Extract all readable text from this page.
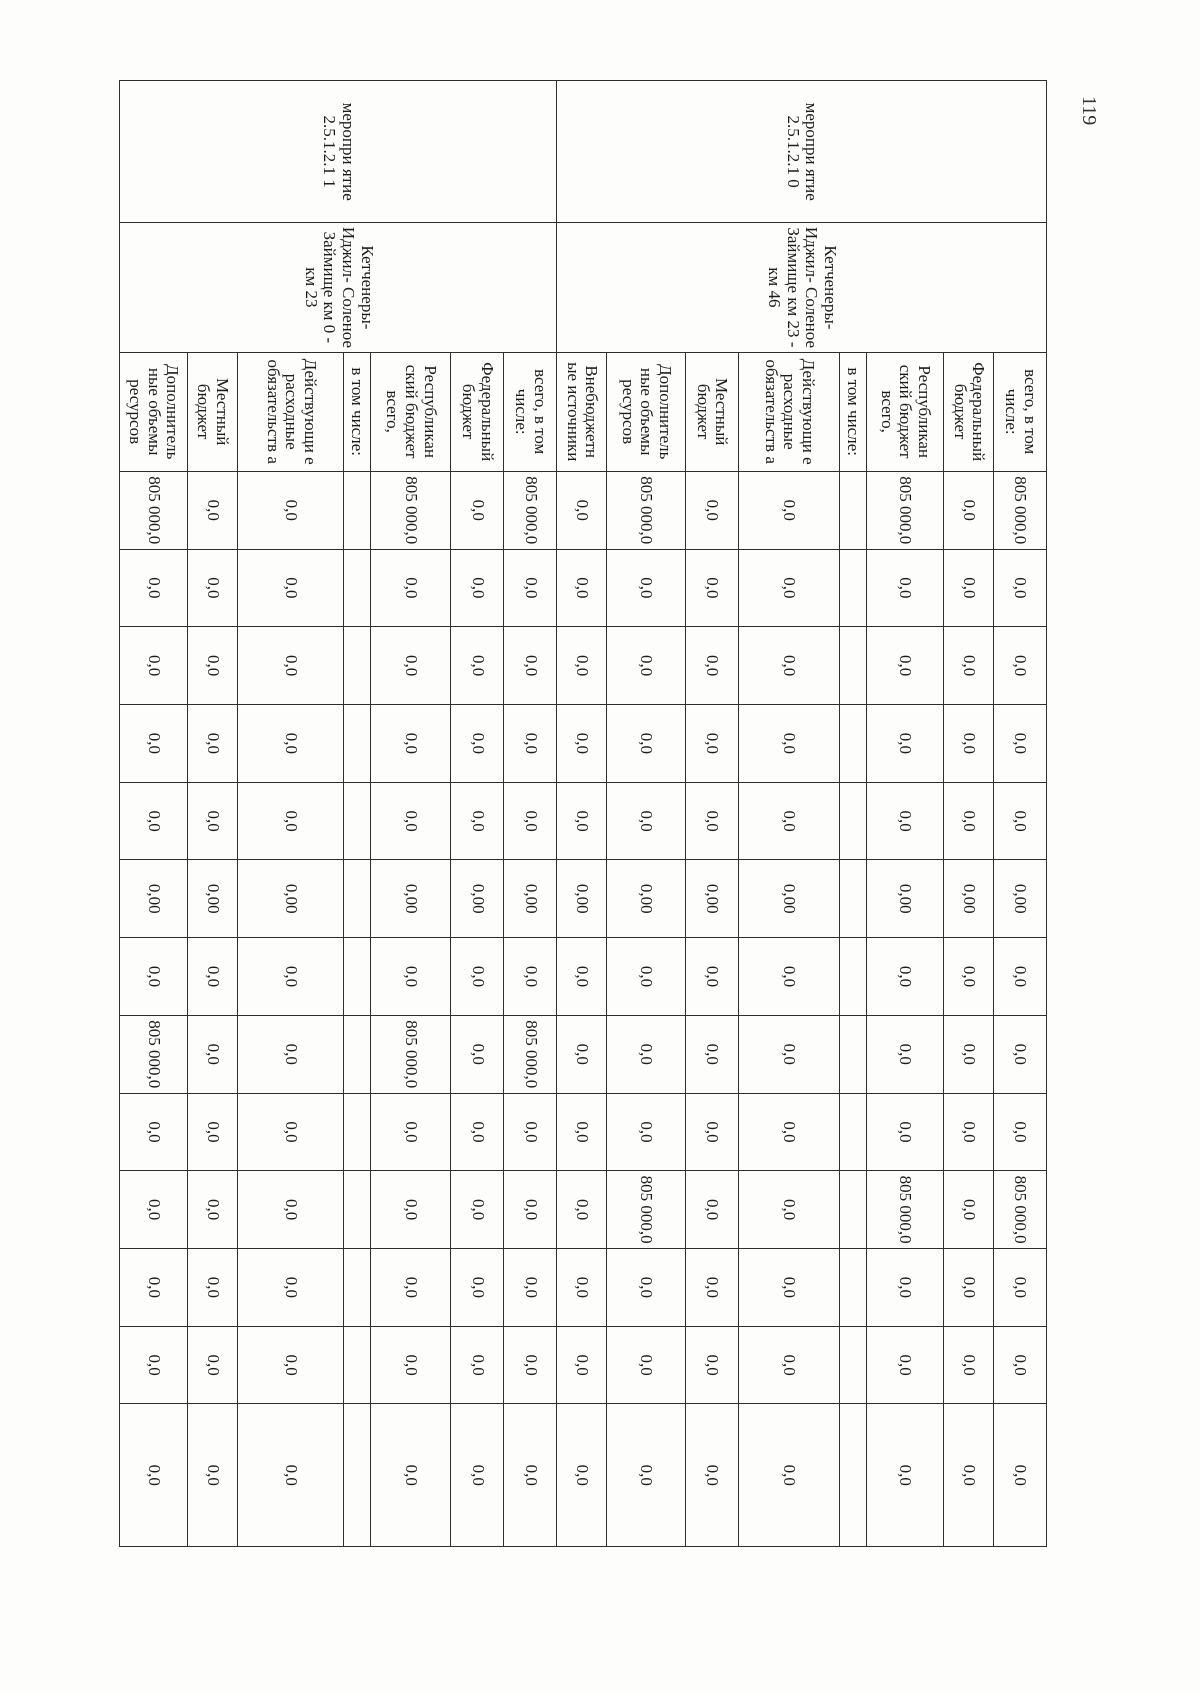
меропри ятие 2.5.1.2.1 0	Кетченеры- Иджил- Соленое Займище км 23 - км 46	всего, в том числе:	805 000,0	0,0	0,0	0,0	0,0	0,00	0,0	0,0	0,0	805 000,0	0,0	0,0	0,0
		Федеральный бюджет	0,0	0,0	0,0	0,0	0,0	0,00	0,0	0,0	0,0	0,0	0,0	0,0	0,0
		Республикан ский бюджет всего,	805 000,0	0,0	0,0	0,0	0,0	0,00	0,0	0,0	0,0	805 000,0	0,0	0,0	0,0
		в том числе:													
		Действующи е расходные обязательств а	0,0	0,0	0,0	0,0	0,0	0,00	0,0	0,0	0,0	0,0	0,0	0,0	0,0
		Местный бюджет	0,0	0,0	0,0	0,0	0,0	0,00	0,0	0,0	0,0	0,0	0,0	0,0	0,0
		Дополнитель ные объемы ресурсов	805 000,0	0,0	0,0	0,0	0,0	0,00	0,0	0,0	0,0	805 000,0	0,0	0,0	0,0
		Внебюджетн ые источники	0,0	0,0	0,0	0,0	0,0	0,00	0,0	0,0	0,0	0,0	0,0	0,0	0,0
меропри ятие 2.5.1.2.1 1	Кетченеры- Иджил- Соленое Займище км 0 - км 23	всего, в том числе:	805 000,0	0,0	0,0	0,0	0,0	0,00	0,0	805 000,0	0,0	0,0	0,0	0,0	0,0
		Федеральный бюджет	0,0	0,0	0,0	0,0	0,0	0,00	0,0	0,0	0,0	0,0	0,0	0,0	0,0
		Республикан ский бюджет всего,	805 000,0	0,0	0,0	0,0	0,0	0,00	0,0	805 000,0	0,0	0,0	0,0	0,0	0,0
		в том числе:													
		Действующи е расходные обязательств а	0,0	0,0	0,0	0,0	0,0	0,00	0,0	0,0	0,0	0,0	0,0	0,0	0,0
		Местный бюджет	0,0	0,0	0,0	0,0	0,0	0,00	0,0	0,0	0,0	0,0	0,0	0,0	0,0
		Дополнитель ные объемы ресурсов	805 000,0	0,0	0,0	0,0	0,0	0,00	0,0	805 000,0	0,0	0,0	0,0	0,0	0,0
119
